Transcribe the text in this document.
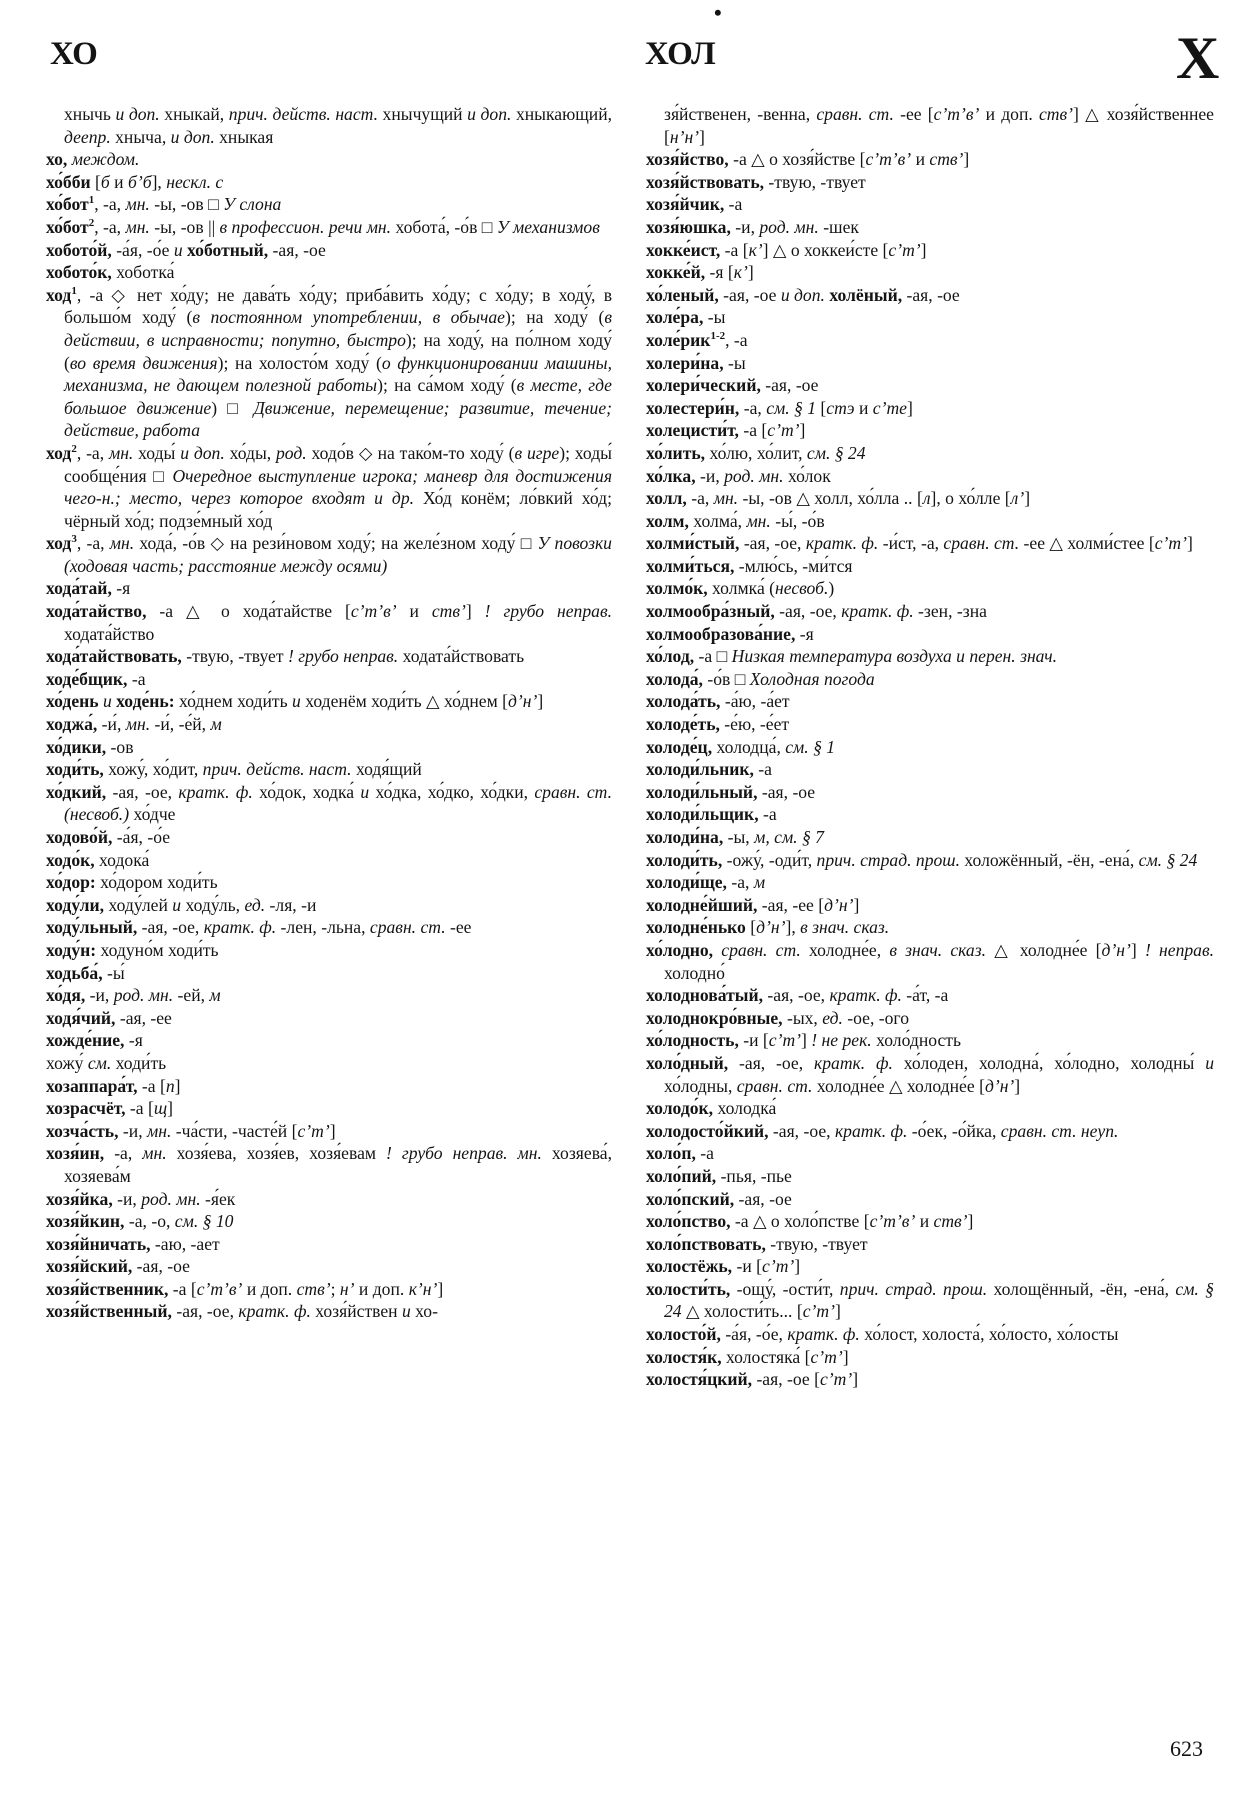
•
ХО	ХОЛ	Х

хнычь и доп. хныкай, прич. действ. наст. хнычущий и доп. хныкающий, деепр. хныча, и доп. хныкая

хо, междом.

хо́бби [б и б’б], нескл. с

хо́бот$^1$, -а, мн. -ы, -ов □ У слона

хо́бот$^2$, -а, мн. -ы, -ов || в профессион. речи мн. хобота́, -о́в □ У механизмов

хобото́й, -а́я, -о́е и хо́ботный, -ая, -ое

хобото́к, хоботка́

ход$^1$, -а ◇ нет хо́ду; не дава́ть хо́ду; приба́вить хо́ду; с хо́ду; в ходу́, в большо́м ходу́ (в постоянном употреблении, в обычае); на ходу́ (в действии, в исправности; попутно, быстро); на ходу́, на по́лном ходу́ (во время движения); на холосто́м ходу́ (о функционировании машины, механизма, не дающем полезной работы); на са́мом ходу́ (в месте, где большое движение) □ Движение, перемещение; развитие, течение; действие, работа

ход$^2$, -а, мн. ходы́ и доп. хо́ды, род. ходо́в ◇ на тако́м-то ходу́ (в игре); ходы́ сообще́ния □ Очередное выступление игрока; маневр для достижения чего-н.; место, через которое входят и др. Хо́д конём; ло́вкий хо́д; чёрный хо́д; подзе́мный хо́д

ход$^3$, -а, мн. хода́, -о́в ◇ на рези́новом ходу́; на желе́зном ходу́ □ У повозки (ходовая часть; расстояние между осями)

хода́тай, -я

хода́тайство, -а △ о хода́тайстве [с’т’в’ и ств’] ! грубо неправ. ходата́йство

хода́тайствовать, -твую, -твует ! грубо неправ. ходата́йствовать

ходе́бщик, -а

хо́день и ходе́нь: хо́днем ходи́ть и ходенём ходи́ть △ хо́днем [д’н’]

ходжа́, -и́, мн. -и́, -е́й, м

хо́дики, -ов

ходи́ть, хожу́, хо́дит, прич. действ. наст. ходя́щий

хо́дкий, -ая, -ое, кратк. ф. хо́док, ходка́ и хо́дка, хо́дко, хо́дки, сравн. ст. (несвоб.) хо́дче

ходово́й, -а́я, -о́е

ходо́к, ходока́

хо́дор: хо́дором ходи́ть

ходу́ли, ходу́лей и ходу́ль, ед. -ля, -и

ходу́льный, -ая, -ое, кратк. ф. -лен, -льна, сравн. ст. -ее

ходу́н: ходуно́м ходи́ть

ходьба́, -ы́

хо́дя, -и, род. мн. -ей, м

ходя́чий, -ая, -ее

хожде́ние, -я

хожу́ см. ходи́ть

хозаппара́т, -а [п]

хозрасчёт, -а [щ]

хозча́сть, -и, мн. -ча́сти, -часте́й [с’т’]

хозя́ин, -а, мн. хозя́ева, хозя́ев, хозя́евам ! грубо неправ. мн. хозяева́, хозяева́м

хозя́йка, -и, род. мн. -я́ек

хозя́йкин, -а, -о, см. § 10

хозя́йничать, -аю, -ает

хозя́йский, -ая, -ое

хозя́йственник, -а [с’т’в’ и доп. ств’; н’ и доп. к’н’]

хозя́йственный, -ая, -ое, кратк. ф. хозя́йствен и хо-

зя́йственен, -венна, сравн. ст. -ее [с’т’в’ и доп. ств’] △ хозя́йственнее [н’н’]

хозя́йство, -а △ о хозя́йстве [с’т’в’ и ств’]

хозя́йствовать, -твую, -твует

хозя́йчик, -а

хозя́юшка, -и, род. мн. -шек

хокке́ист, -а [к’] △ о хоккеи́сте [с’т’]

хокке́й, -я [к’]

хо́леный, -ая, -ое и доп. холёный, -ая, -ое

холе́ра, -ы

холе́рик$^{1-2}$, -а

холери́на, -ы

холери́ческий, -ая, -ое

холестери́н, -а, см. § 1 [стэ и с’те]

холецисти́т, -а [с’т’]

хо́лить, хо́лю, хо́лит, см. § 24

хо́лка, -и, род. мн. хо́лок

холл, -а, мн. -ы, -ов △ холл, хо́лла .. [л], о хо́лле [л’]

холм, холма́, мн. -ы́, -о́в

холми́стый, -ая, -ое, кратк. ф. -и́ст, -а, сравн. ст. -ее △ холми́стее [с’т’]

холми́ться, -млю́сь, -ми́тся

холмо́к, холмка́ (несвоб.)

холмообра́зный, -ая, -ое, кратк. ф. -зен, -зна

холмообразова́ние, -я

хо́лод, -а □ Низкая температура воздуха и перен. знач.

холода́, -о́в □ Холодная погода

холода́ть, -а́ю, -а́ет

холоде́ть, -е́ю, -е́ет

холоде́ц, холодца́, см. § 1

холоди́льник, -а

холоди́льный, -ая, -ое

холоди́льщик, -а

холоди́на, -ы, м, см. § 7

холоди́ть, -ожу́, -оди́т, прич. страд. прош. холожённый, -ён, -ена́, см. § 24

холоди́ще, -а, м

холодне́йший, -ая, -ее [д’н’]

холодне́нько [д’н’], в знач. сказ.

хо́лодно, сравн. ст. холодне́е, в знач. сказ. △ холодне́е [д’н’] ! неправ. холодно́

холоднова́тый, -ая, -ое, кратк. ф. -а́т, -а

холоднокро́вные, -ых, ед. -ое, -ого

хо́лодность, -и [с’т’] ! не рек. холо́дность

холо́дный, -ая, -ое, кратк. ф. хо́лоден, холодна́, хо́лодно, холодны́ и хо́лодны, сравн. ст. холодне́е △ холодне́е [д’н’]

холодо́к, холодка́

холодосто́йкий, -ая, -ое, кратк. ф. -о́ек, -о́йка, сравн. ст. неуп.

холо́п, -а

холо́пий, -пья, -пье

холо́пский, -ая, -ое

холо́пство, -а △ о холо́пстве [с’т’в’ и ств’]

холо́пствовать, -твую, -твует

холостёжь, -и [с’т’]

холости́ть, -ощу́, -ости́т, прич. страд. прош. холощённый, -ён, -ена́, см. § 24 △ холости́ть... [с’т’]

холосто́й, -а́я, -о́е, кратк. ф. хо́лост, холоста́, хо́лосто, хо́лосты

холостя́к, холостяка́ [с’т’]

холостя́цкий, -ая, -ое [с’т’]

623
